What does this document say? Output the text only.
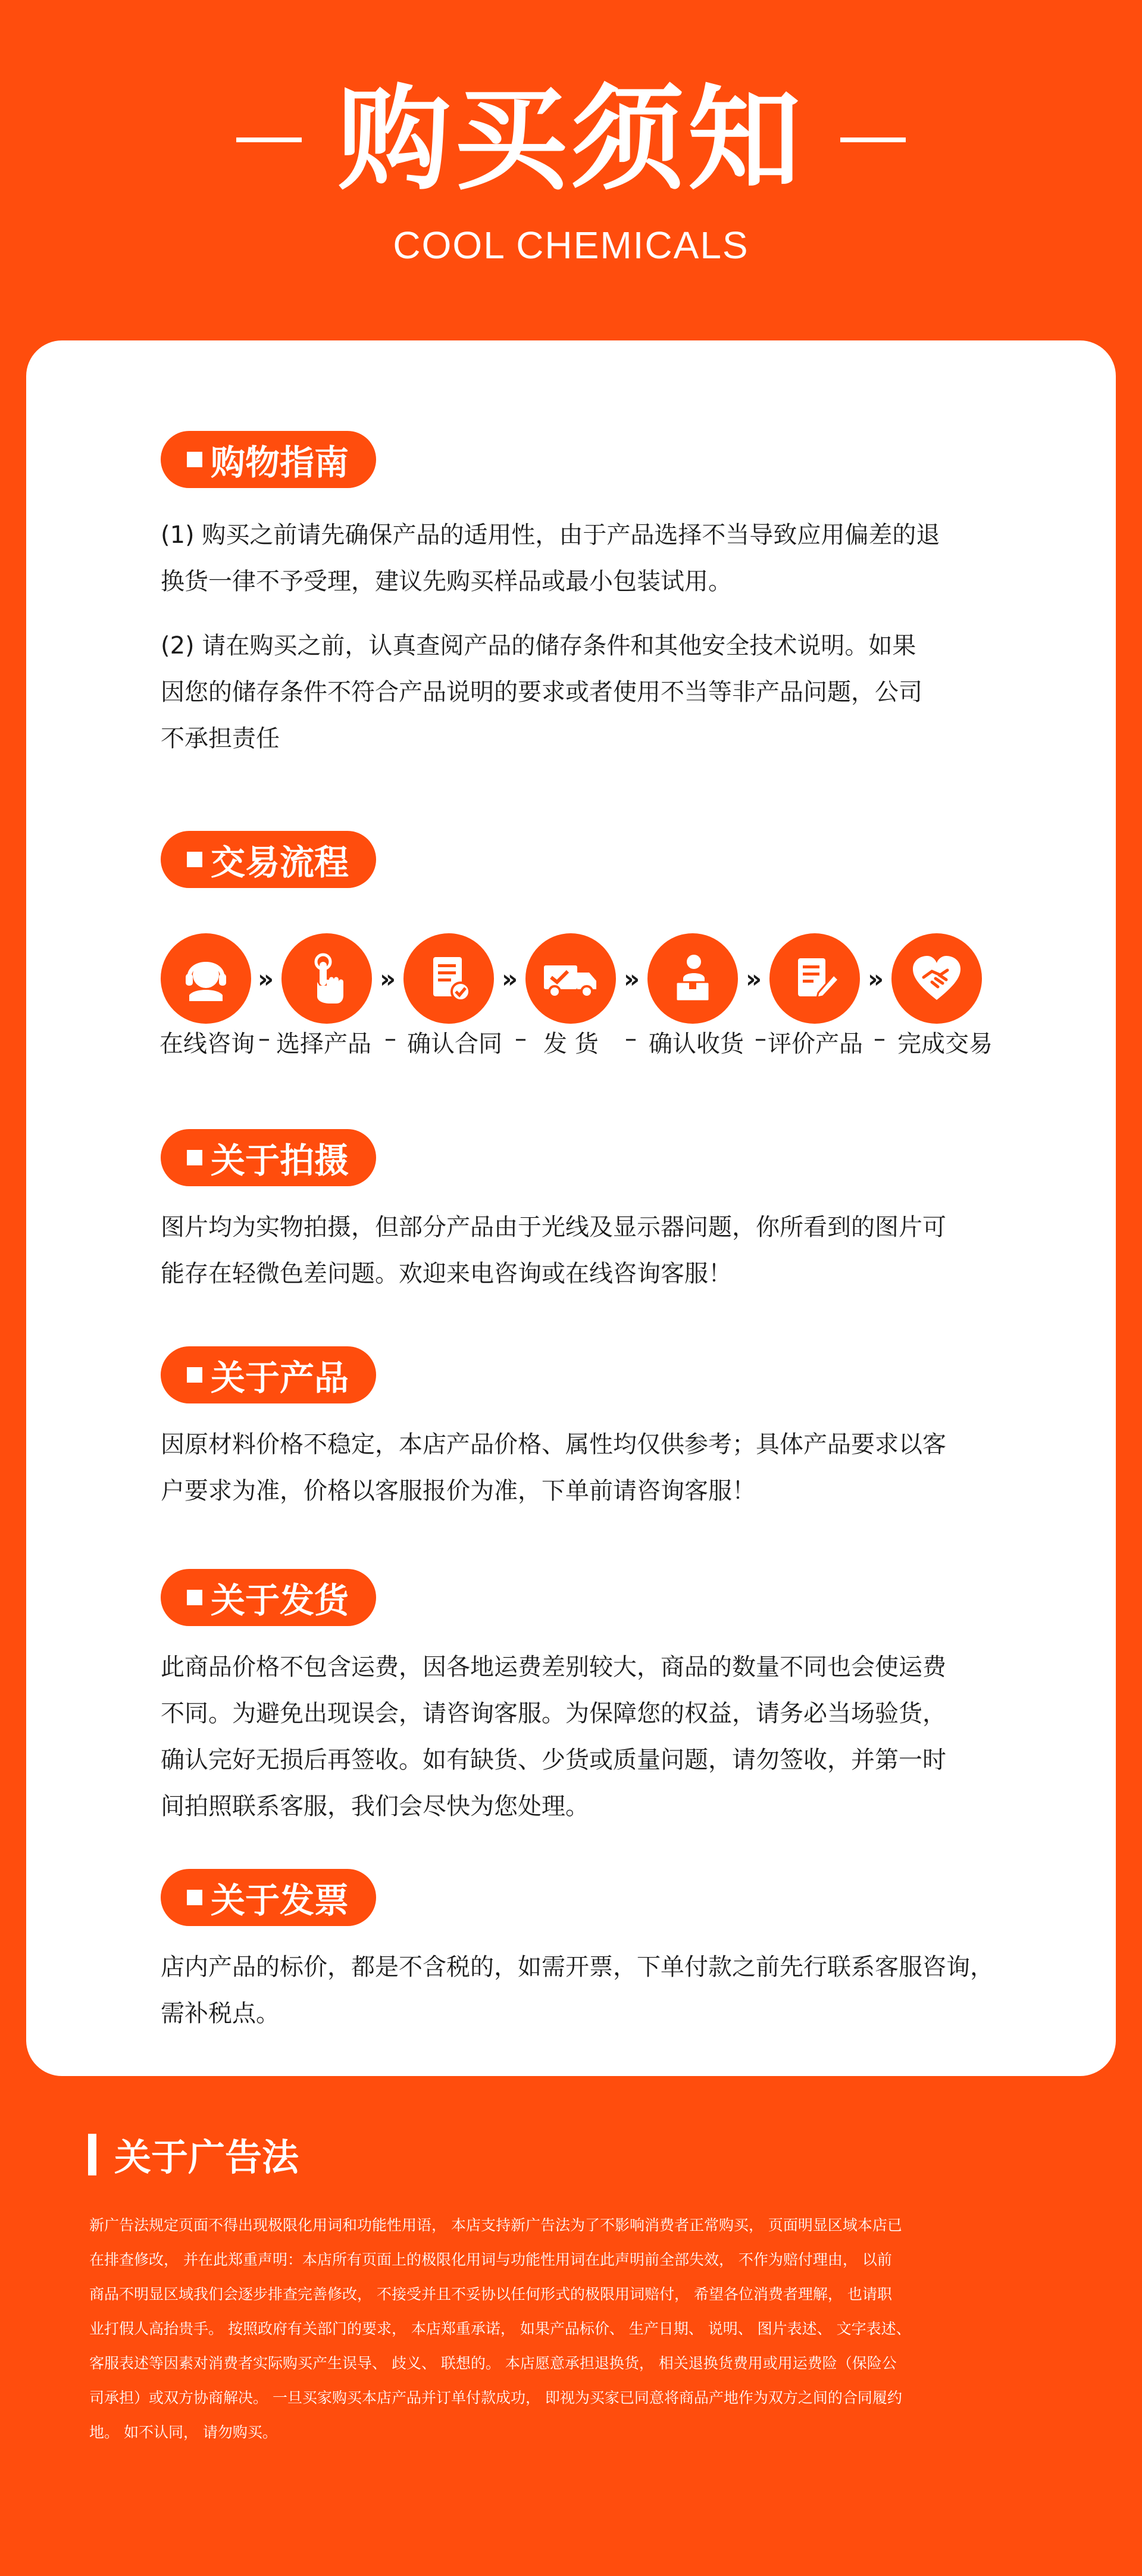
购买须知
COOL CHEMICALS
购物指南

(1) 购买之前请先确保产品的适用性，由于产品选择不当导致应用偏差的退

换货一律不予受理，建议先购买样品或最小包装试用。

(2) 请在购买之前，认真查阅产品的储存条件和其他安全技术说明。如果

因您的储存条件不符合产品说明的要求或者使用不当等非产品问题，公司

不承担责任

交易流程
»	»	»	»	»	»
在线咨询 – 选择产品 – 确认合同 – 发 货 – 确认收货 – 评价产品 – 完成交易
关于拍摄

图片均为实物拍摄，但部分产品由于光线及显示器问题，你所看到的图片可

能存在轻微色差问题。欢迎来电咨询或在线咨询客服！

关于产品

因原材料价格不稳定，本店产品价格、属性均仅供参考；具体产品要求以客

户要求为准，价格以客服报价为准，下单前请咨询客服！

关于发货

此商品价格不包含运费，因各地运费差别较大，商品的数量不同也会使运费

不同。为避免出现误会，请咨询客服。为保障您的权益，请务必当场验货，

确认完好无损后再签收。如有缺货、少货或质量问题，请勿签收，并第一时

间拍照联系客服，我们会尽快为您处理。

关于发票

店内产品的标价，都是不含税的，如需开票，下单付款之前先行联系客服咨询，

需补税点。

关于广告法
新广告法规定页面不得出现极限化用词和功能性用语， 本店支持新广告法为了不影响消费者正常购买， 页面明显区域本店已
在排查修改， 并在此郑重声明：本店所有页面上的极限化用词与功能性用词在此声明前全部失效， 不作为赔付理由， 以前
商品不明显区域我们会逐步排查完善修改， 不接受并且不妥协以任何形式的极限用词赔付， 希望各位消费者理解， 也请职
业打假人高抬贵手。 按照政府有关部门的要求， 本店郑重承诺， 如果产品标价、 生产日期、 说明、 图片表述、 文字表述、
客服表述等因素对消费者实际购买产生误导、 歧义、 联想的。 本店愿意承担退换货， 相关退换货费用或用运费险（保险公
司承担）或双方协商解决。 一旦买家购买本店产品并订单付款成功， 即视为买家已同意将商品产地作为双方之间的合同履约
地。 如不认同， 请勿购买。
